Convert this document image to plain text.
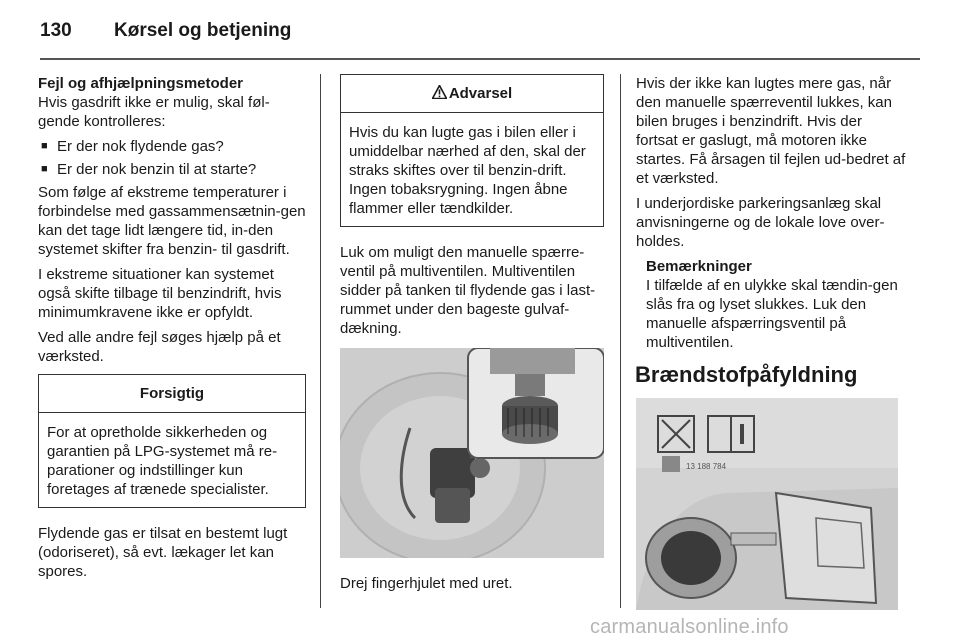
130 Kørsel og betjening
Fejl og afhjælpningsmetoder

Hvis gasdrift ikke er mulig, skal føl-gende kontrolleres:

■ Er der nok flydende gas?
■ Er der nok benzin til at starte?

Som følge af ekstreme temperaturer i forbindelse med gassammensætnin-gen kan det tage lidt længere tid, in-den systemet skifter fra benzin- til gasdrift.

I ekstreme situationer kan systemet også skifte tilbage til benzindrift, hvis minimumkravene ikke er opfyldt.

Ved alle andre fejl søges hjælp på et værksted.

Forsigtig
For at opretholde sikkerheden og garantien på LPG-systemet må re-parationer og indstillinger kun foretages af trænede specialister.

Flydende gas er tilsat en bestemt lugt (odoriseret), så evt. lækager let kan spores.

Advarsel
Hvis du kan lugte gas i bilen eller i umiddelbar nærhed af den, skal der straks skiftes over til benzin-drift. Ingen tobaksrygning. Ingen åbne flammer eller tændkilder.

Luk om muligt den manuelle spærre-ventil på multiventilen. Multiventilen sidder på tanken til flydende gas i last-rummet under den bageste gulvaf-dækning.

Drej fingerhjulet med uret.

Hvis der ikke kan lugtes mere gas, når den manuelle spærreventil lukkes, kan bilen bruges i benzindrift. Hvis der fortsat er gaslugt, må motoren ikke startes. Få årsagen til fejlen ud-bedret af et værksted.

I underjordiske parkeringsanlæg skal anvisningerne og de lokale love over-holdes.

Bemærkninger
I tilfælde af en ulykke skal tændin-gen slås fra og lyset slukkes. Luk den manuelle afspærringsventil på multiventilen.
Brændstofpåfyldning
13 188 784
carmanualsonline.info
